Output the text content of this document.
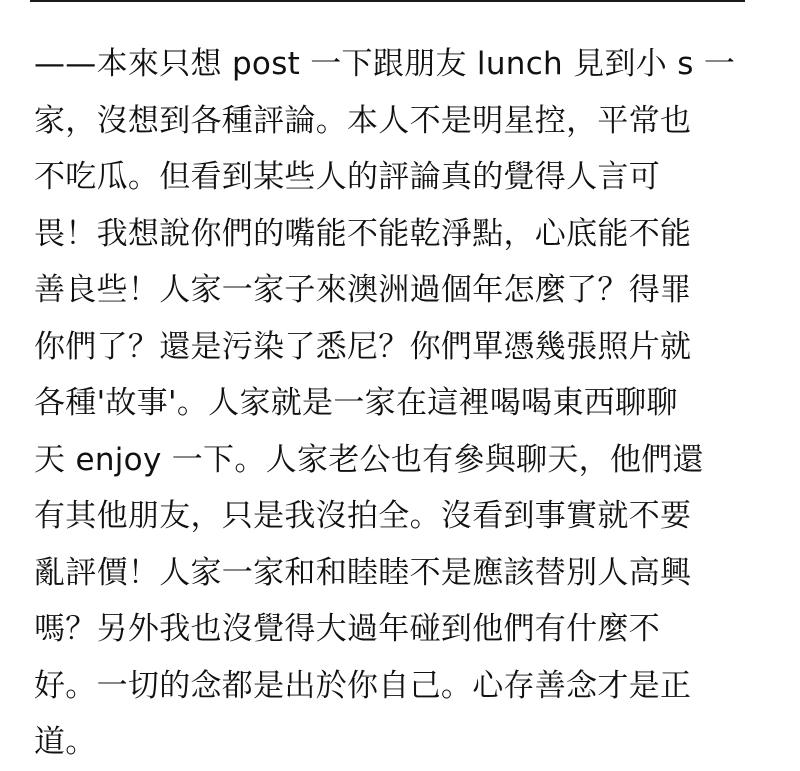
——本來只想 post 一下跟朋友 lunch 見到小 s 一
家，沒想到各種評論。本人不是明星控，平常也
不吃瓜。但看到某些人的評論真的覺得人言可
畏！我想說你們的嘴能不能乾淨點，心底能不能
善良些！人家一家子來澳洲過個年怎麼了？得罪
你們了？還是污染了悉尼？你們單憑幾張照片就
各種'故事'。人家就是一家在這裡喝喝東西聊聊
天 enjoy 一下。人家老公也有參與聊天，他們還
有其他朋友，只是我沒拍全。沒看到事實就不要
亂評價！人家一家和和睦睦不是應該替別人高興
嗎？另外我也沒覺得大過年碰到他們有什麼不
好。一切的念都是出於你自己。心存善念才是正
道。
